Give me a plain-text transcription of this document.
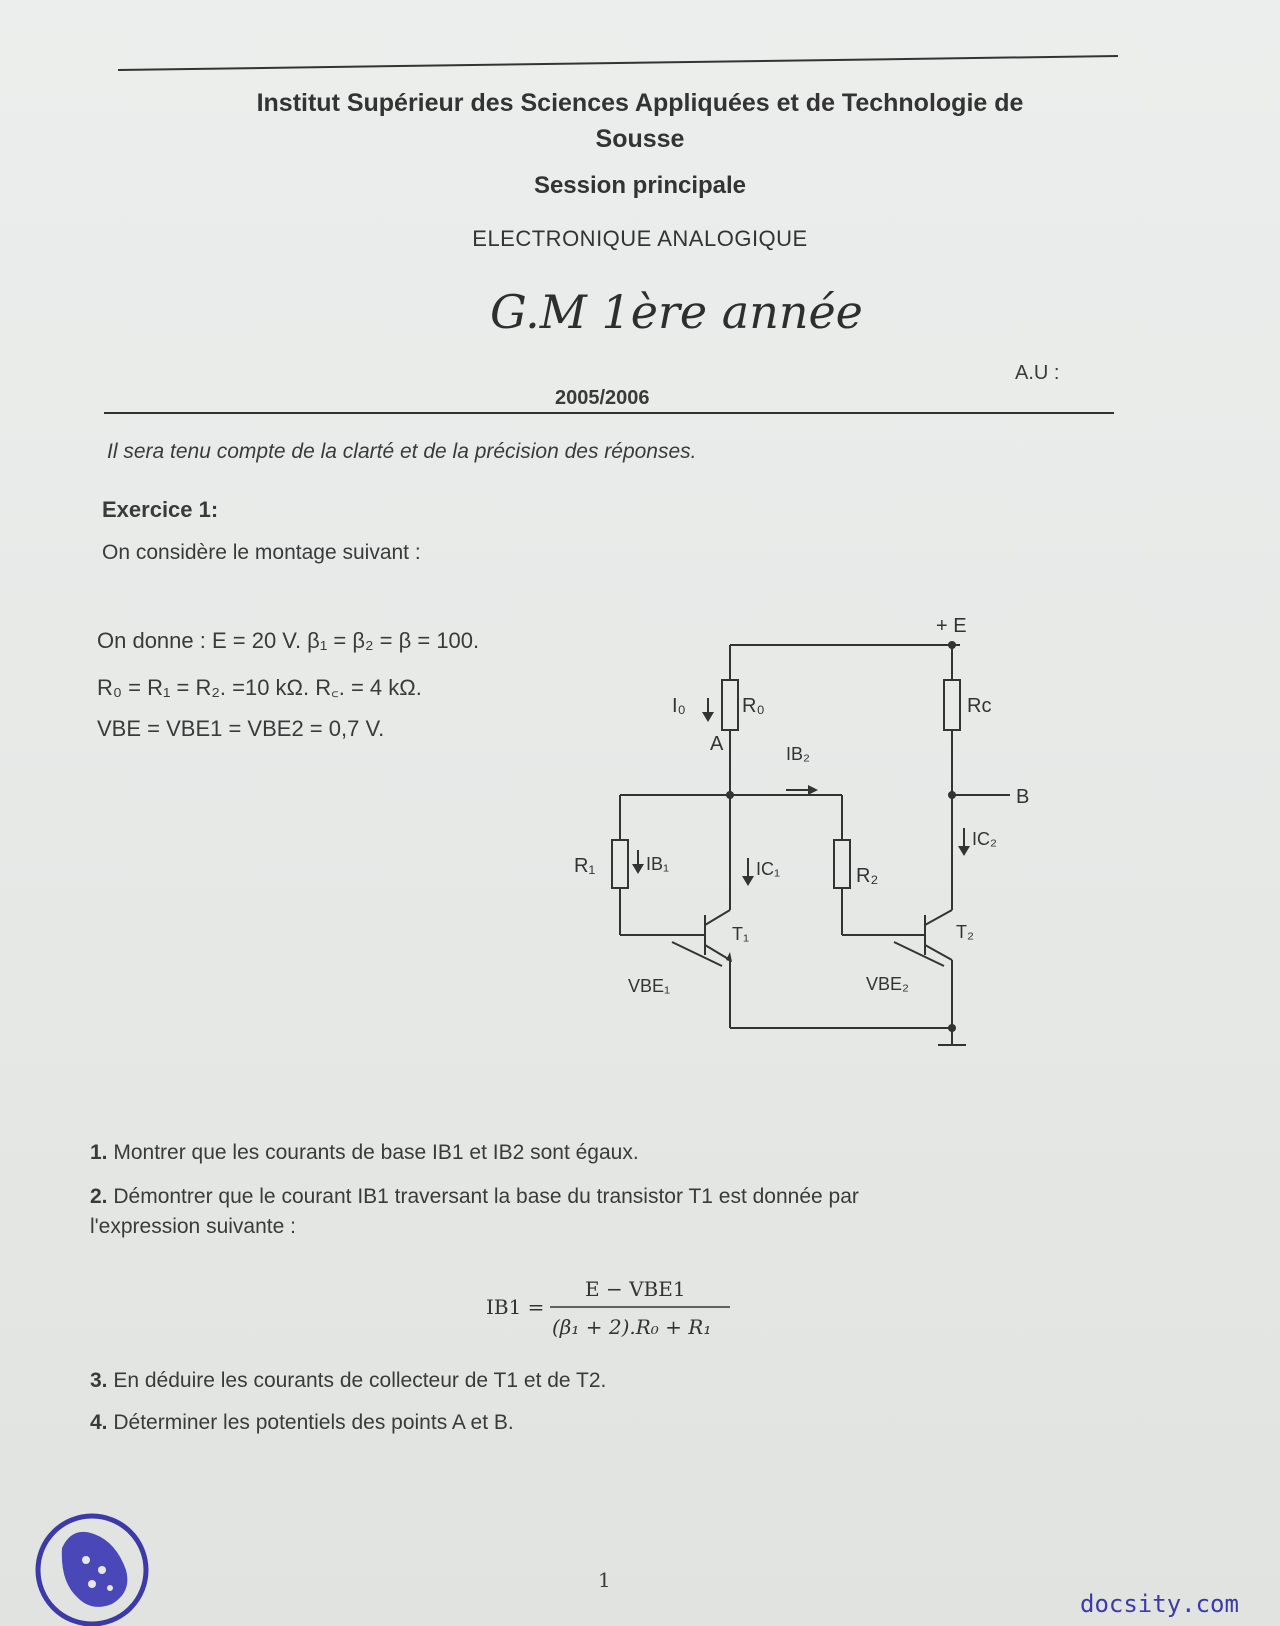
Institut Supérieur des Sciences Appliquées et de Technologie de
Sousse
Session principale
ELECTRONIQUE ANALOGIQUE
G.M 1ère année
A.U :
2005/2006
Il sera tenu compte de la clarté et de la précision des réponses.
Exercice 1:
On considère le montage suivant :
On donne : E = 20 V. β₁ = β₂ = β = 100.
R₀ = R₁ = R₂. =10 kΩ. R꜀. = 4 kΩ.
VBE = VBE1 = VBE2 = 0,7 V.
+ E
A
B
R₀	Rc
R₁	R₂
I₀
IB₁
IB₂
IC₁
IC₂
T₁	T₂
VBE₁	VBE₂
1. Montrer que les courants de base IB1 et IB2 sont égaux.
2. Démontrer que le courant IB1 traversant la base du transistor T1 est donnée par
l'expression suivante :
IB1 =
E − VBE1
(β₁ + 2).R₀ + R₁
3. En déduire les courants de collecteur de T1 et de T2.
4. Déterminer les potentiels des points A et B.
1
docsity.com
